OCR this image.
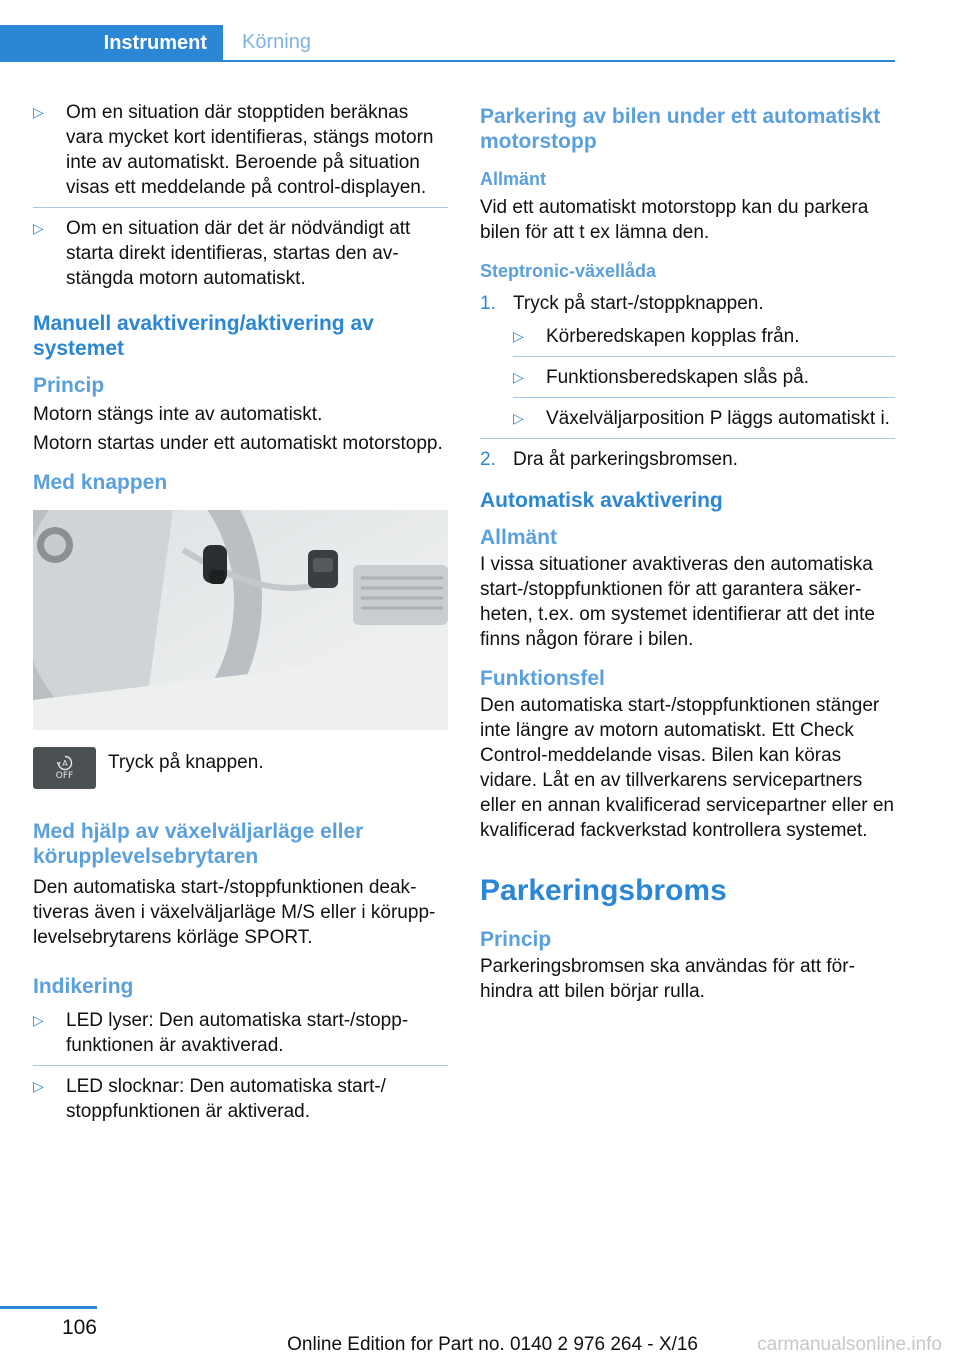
Instrument	Körning
▷ Om en situation där stopptiden beräknas vara mycket kort identifieras, stängs motorn inte av automatiskt. Beroende på situation visas ett meddelande på control-displayen.
▷ Om en situation där det är nödvändigt att starta direkt identifieras, startas den avstängda motorn automatiskt.
Manuell avaktivering/aktivering av systemet
Princip

Motorn stängs inte av automatiskt.

Motorn startas under ett automatiskt motorstopp.

Med knappen
A
OFF

Tryck på knappen.

Med hjälp av växelväljarläge eller körupplevelsebrytaren

Den automatiska start-/stoppfunktionen deaktiveras även i växelväljarläge M/S eller i körupplevelsebrytarens körläge SPORT.

Indikering
▷ LED lyser: Den automatiska start-/stoppfunktionen är avaktiverad.
▷ LED slocknar: Den automatiska start-/ stoppfunktionen är aktiverad.
Parkering av bilen under ett automatiskt motorstopp
Allmänt

Vid ett automatiskt motorstopp kan du parkera bilen för att t ex lämna den.

Steptronic-växellåda
1. Tryck på start-/stoppknappen.
▷ Körberedskapen kopplas från.
▷ Funktionsberedskapen slås på.
▷ Växelväljarposition P läggs automatiskt i.
2. Dra åt parkeringsbromsen.
Automatisk avaktivering
Allmänt

I vissa situationer avaktiveras den automatiska start-/stoppfunktionen för att garantera säkerheten, t.ex. om systemet identifierar att det inte finns någon förare i bilen.

Funktionsfel

Den automatiska start-/stoppfunktionen stänger inte längre av motorn automatiskt. Ett Check Control-meddelande visas. Bilen kan köras vidare. Låt en av tillverkarens servicepartners eller en annan kvalificerad servicepartner eller en kvalificerad fackverkstad kontrollera systemet.

Parkeringsbroms
Princip

Parkeringsbromsen ska användas för att förhindra att bilen börjar rulla.

106
Online Edition for Part no. 0140 2 976 264 - X/16	carmanualsonline.info
